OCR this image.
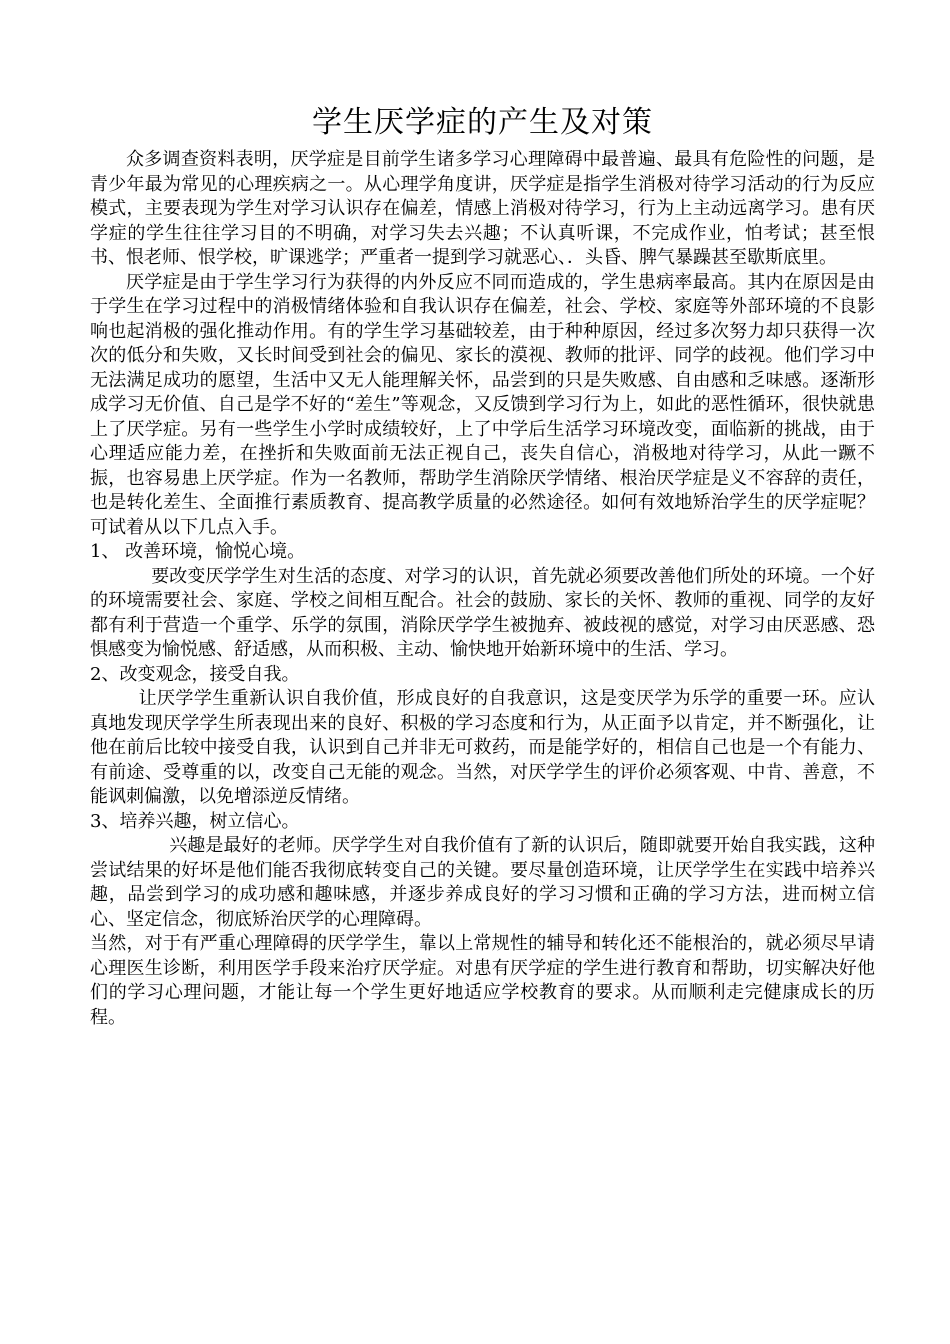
学生厌学症的产生及对策

众多调查资料表明，厌学症是目前学生诸多学习心理障碍中最普遍、最具有危险性的问题，是青少年最为常见的心理疾病之一。从心理学角度讲，厌学症是指学生消极对待学习活动的行为反应模式，主要表现为学生对学习认识存在偏差，情感上消极对待学习，行为上主动远离学习。患有厌学症的学生往往学习目的不明确，对学习失去兴趣；不认真听课，不完成作业，怕考试；甚至恨书、恨老师、恨学校，旷课逃学；严重者一提到学习就恶心、．头昏、脾气暴躁甚至歇斯底里。

厌学症是由于学生学习行为获得的内外反应不同而造成的，学生患病率最高。其内在原因是由于学生在学习过程中的消极情绪体验和自我认识存在偏差，社会、学校、家庭等外部环境的不良影响也起消极的强化推动作用。有的学生学习基础较差，由于种种原因，经过多次努力却只获得一次次的低分和失败，又长时间受到社会的偏见、家长的漠视、教师的批评、同学的歧视。他们学习中无法满足成功的愿望，生活中又无人能理解关怀，品尝到的只是失败感、自由感和乏味感。逐渐形成学习无价值、自己是学不好的“差生”等观念，又反馈到学习行为上，如此的恶性循环，很快就患上了厌学症。另有一些学生小学时成绩较好，上了中学后生活学习环境改变，面临新的挑战，由于心理适应能力差，在挫折和失败面前无法正视自己，丧失自信心，消极地对待学习，从此一蹶不振，也容易患上厌学症。作为一名教师，帮助学生消除厌学情绪、根治厌学症是义不容辞的责任，也是转化差生、全面推行素质教育、提高教学质量的必然途径。如何有效地矫治学生的厌学症呢？可试着从以下几点入手。

1、 改善环境，愉悦心境。

要改变厌学学生对生活的态度、对学习的认识，首先就必须要改善他们所处的环境。一个好的环境需要社会、家庭、学校之间相互配合。社会的鼓励、家长的关怀、教师的重视、同学的友好都有利于营造一个重学、乐学的氛围，消除厌学学生被抛弃、被歧视的感觉，对学习由厌恶感、恐惧感变为愉悦感、舒适感，从而积极、主动、愉快地开始新环境中的生活、学习。

2、改变观念，接受自我。

让厌学学生重新认识自我价值，形成良好的自我意识，这是变厌学为乐学的重要一环。应认真地发现厌学学生所表现出来的良好、积极的学习态度和行为，从正面予以肯定，并不断强化，让他在前后比较中接受自我，认识到自己并非无可救药，而是能学好的，相信自己也是一个有能力、有前途、受尊重的以，改变自己无能的观念。当然，对厌学学生的评价必须客观、中肯、善意，不能讽刺偏激，以免增添逆反情绪。

3、培养兴趣，树立信心。

兴趣是最好的老师。厌学学生对自我价值有了新的认识后，随即就要开始自我实践，这种尝试结果的好坏是他们能否我彻底转变自己的关键。要尽量创造环境，让厌学学生在实践中培养兴趣，品尝到学习的成功感和趣味感，并逐步养成良好的学习习惯和正确的学习方法，进而树立信心、坚定信念，彻底矫治厌学的心理障碍。

当然，对于有严重心理障碍的厌学学生，靠以上常规性的辅导和转化还不能根治的，就必须尽早请心理医生诊断，利用医学手段来治疗厌学症。对患有厌学症的学生进行教育和帮助，切实解决好他们的学习心理问题，才能让每一个学生更好地适应学校教育的要求。从而顺利走完健康成长的历程。
